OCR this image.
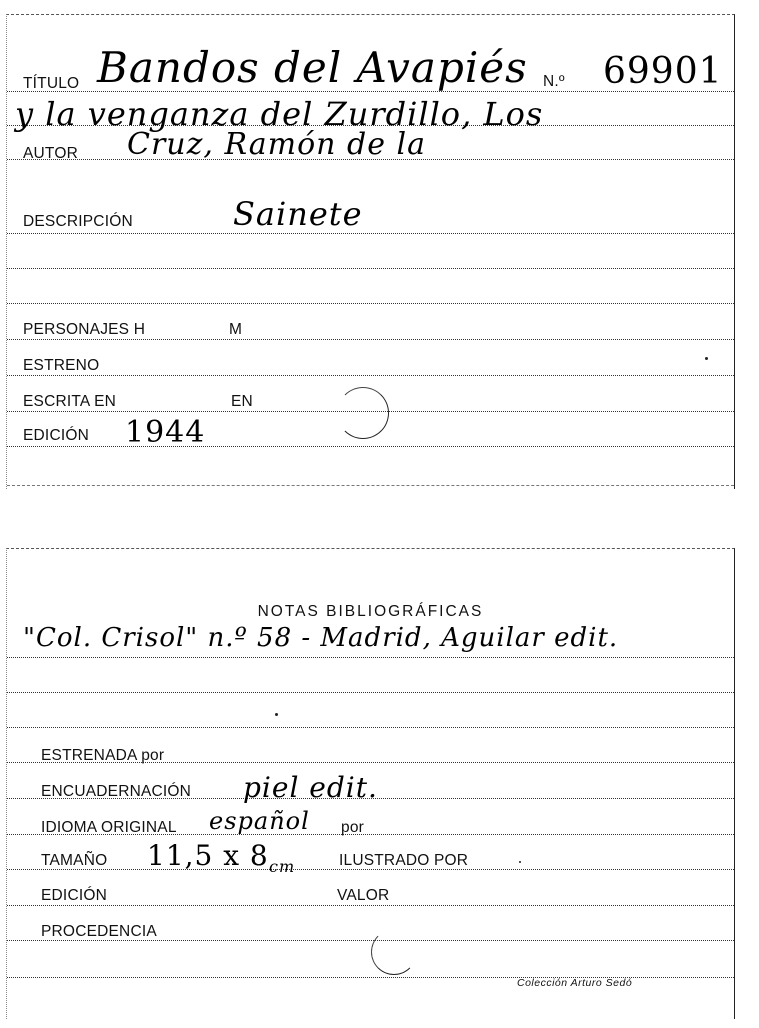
TÍTULO Bandos del Avapiés N.º 69901
y la venganza del Zurdillo, Los
AUTOR Cruz, Ramón de la
DESCRIPCIÓN	Sainete
PERSONAJES H	M
ESTRENO
ESCRITA EN	EN
EDICIÓN 1944
NOTAS BIBLIOGRÁFICAS
"Col. Crisol" n.º 58 - Madrid, Aguilar edit.
ESTRENADA por
ENCUADERNACIÓN piel edit.
IDIOMA ORIGINAL español por
TAMAÑO 11,5 x 8 cm	ILUSTRADO POR
EDICIÓN	VALOR
PROCEDENCIA
Colección Arturo Sedó
